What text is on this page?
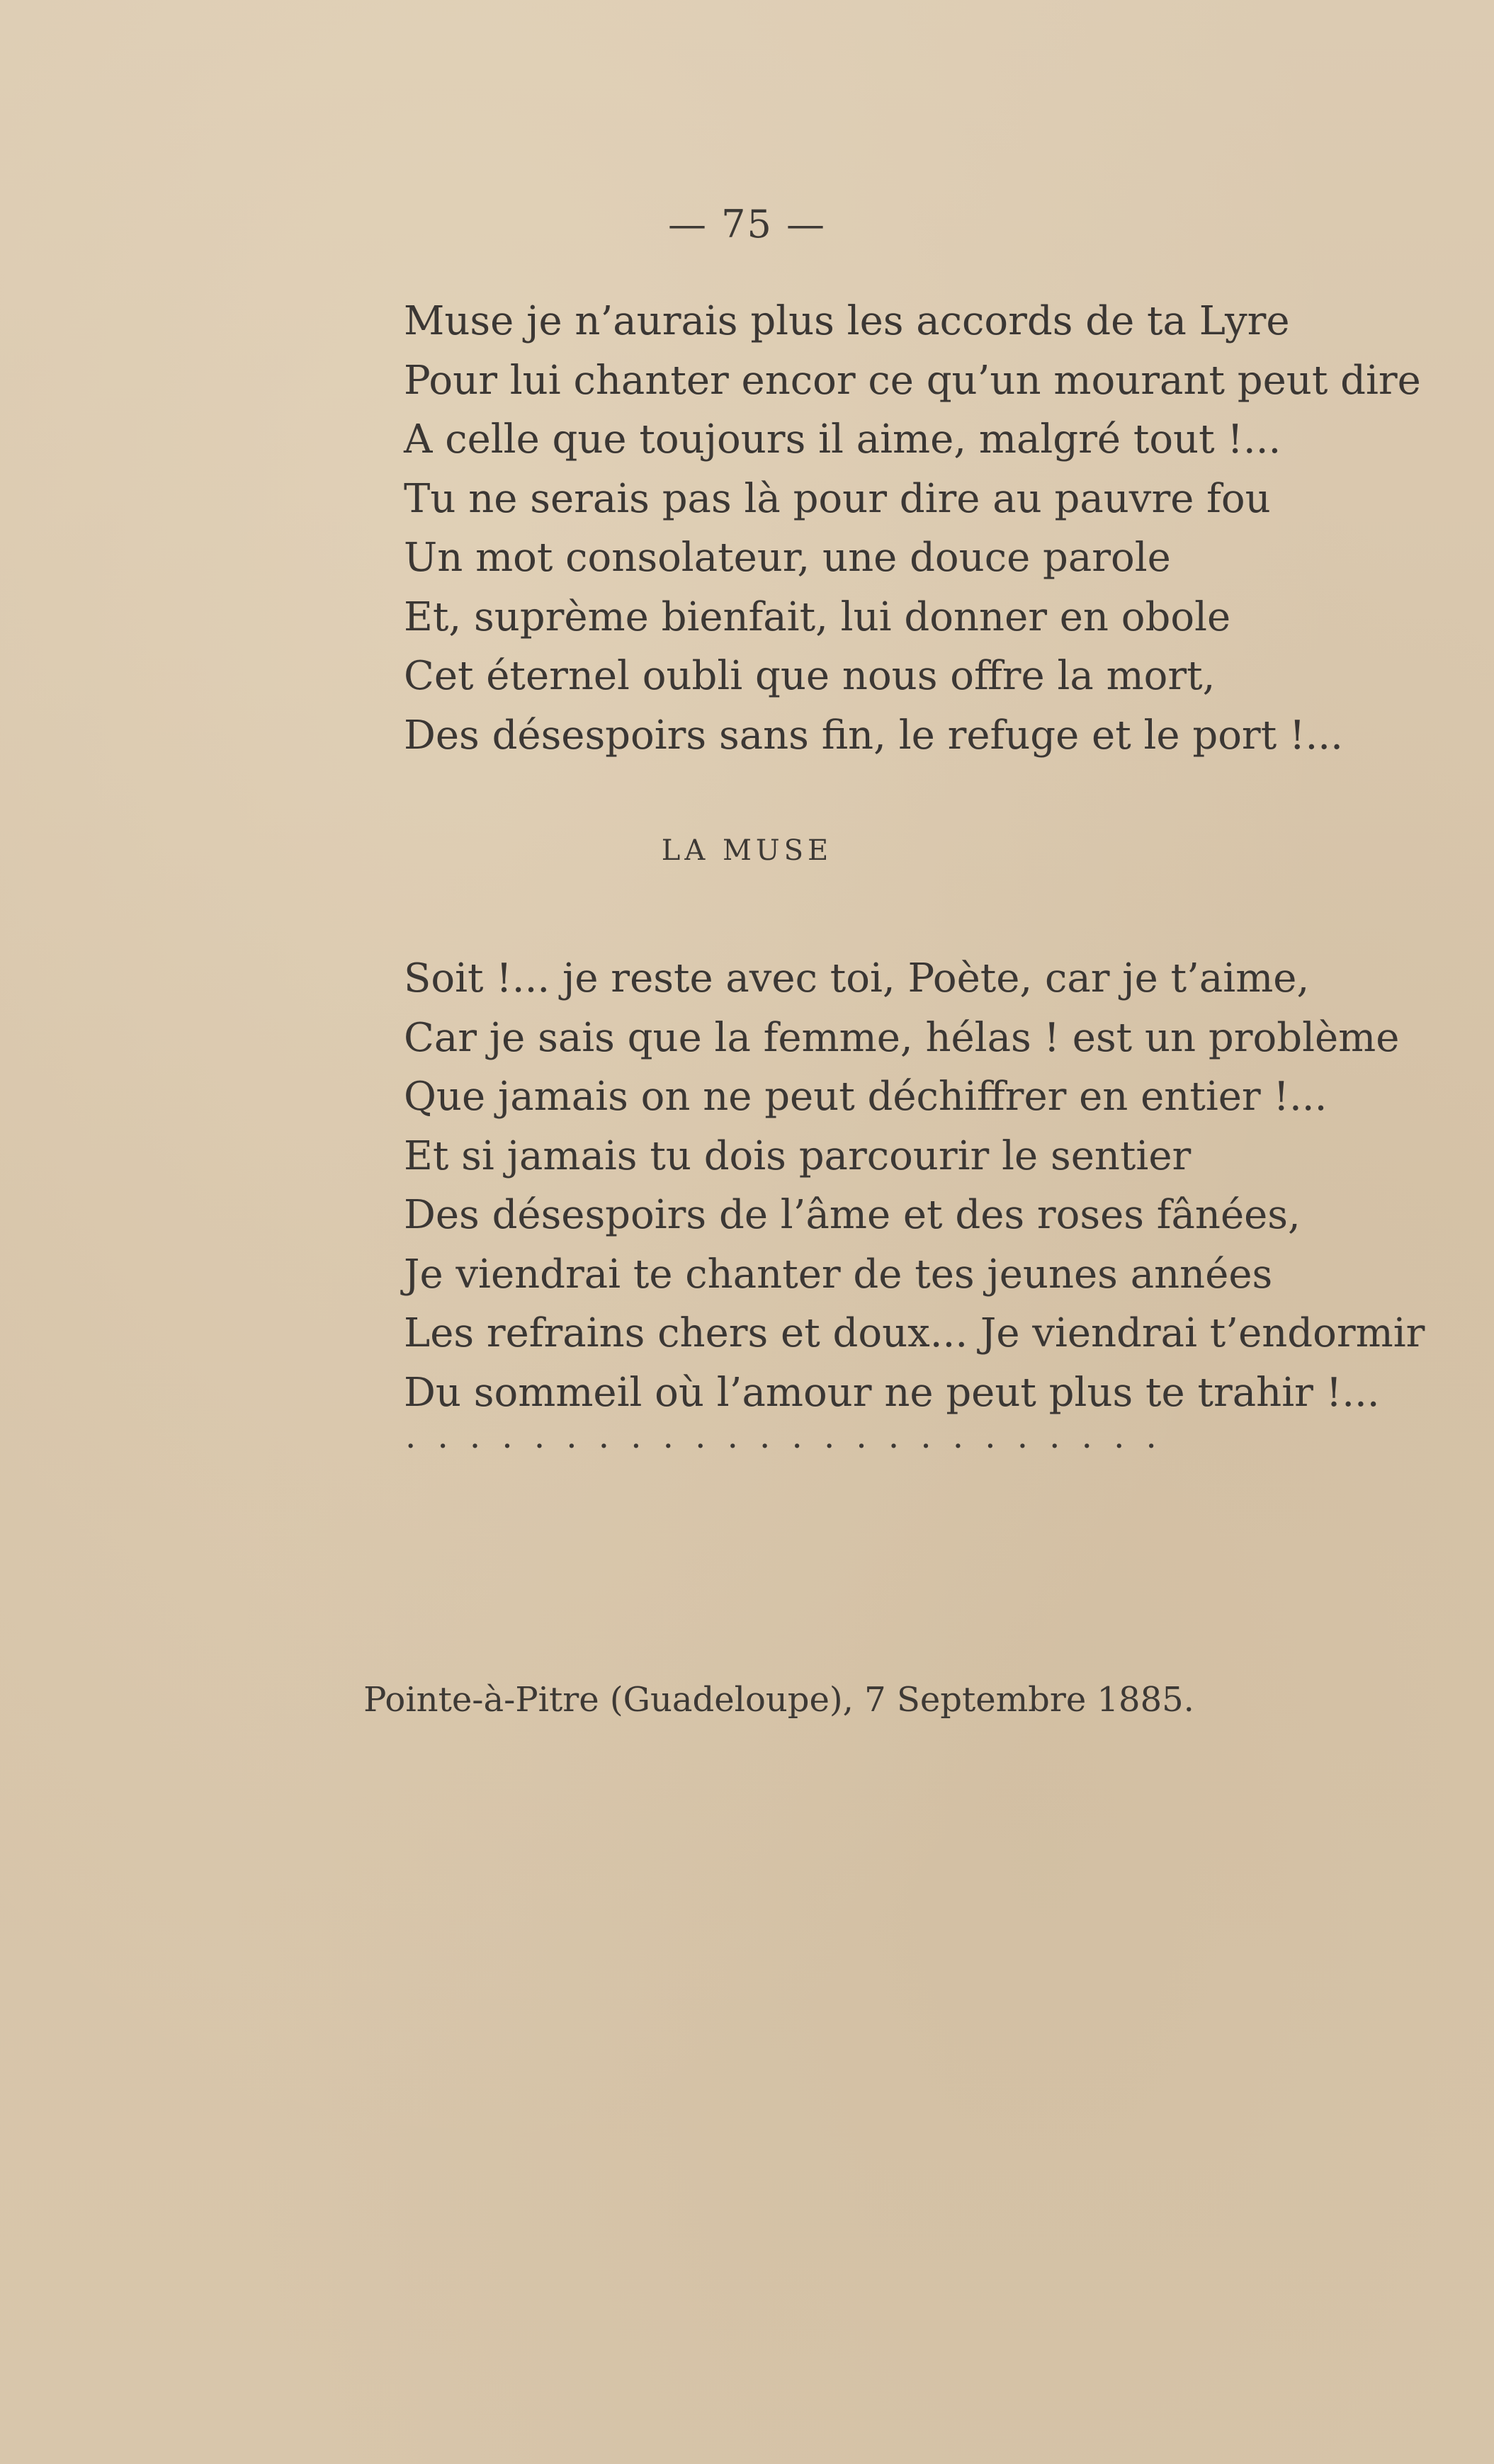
— 75 —
Muse je n’aurais plus les accords de ta Lyre
Pour lui chanter encor ce qu’un mourant peut dire
A celle que toujours il aime, malgré tout !...
Tu ne serais pas là pour dire au pauvre fou
Un mot consolateur, une douce parole
Et, suprème bienfait, lui donner en obole
Cet éternel oubli que nous offre la mort,
Des désespoirs sans fin, le refuge et le port !...
LA MUSE
Soit !... je reste avec toi, Poète, car je t’aime,
Car je sais que la femme, hélas ! est un problème
Que jamais on ne peut déchiffrer en entier !...
Et si jamais tu dois parcourir le sentier
Des désespoirs de l’âme et des roses fânées,
Je viendrai te chanter de tes jeunes années
Les refrains chers et doux... Je viendrai t’endormir
Du sommeil où l’amour ne peut plus te trahir !...
........................
Pointe-à-Pitre (Guadeloupe), 7 Septembre 1885.
